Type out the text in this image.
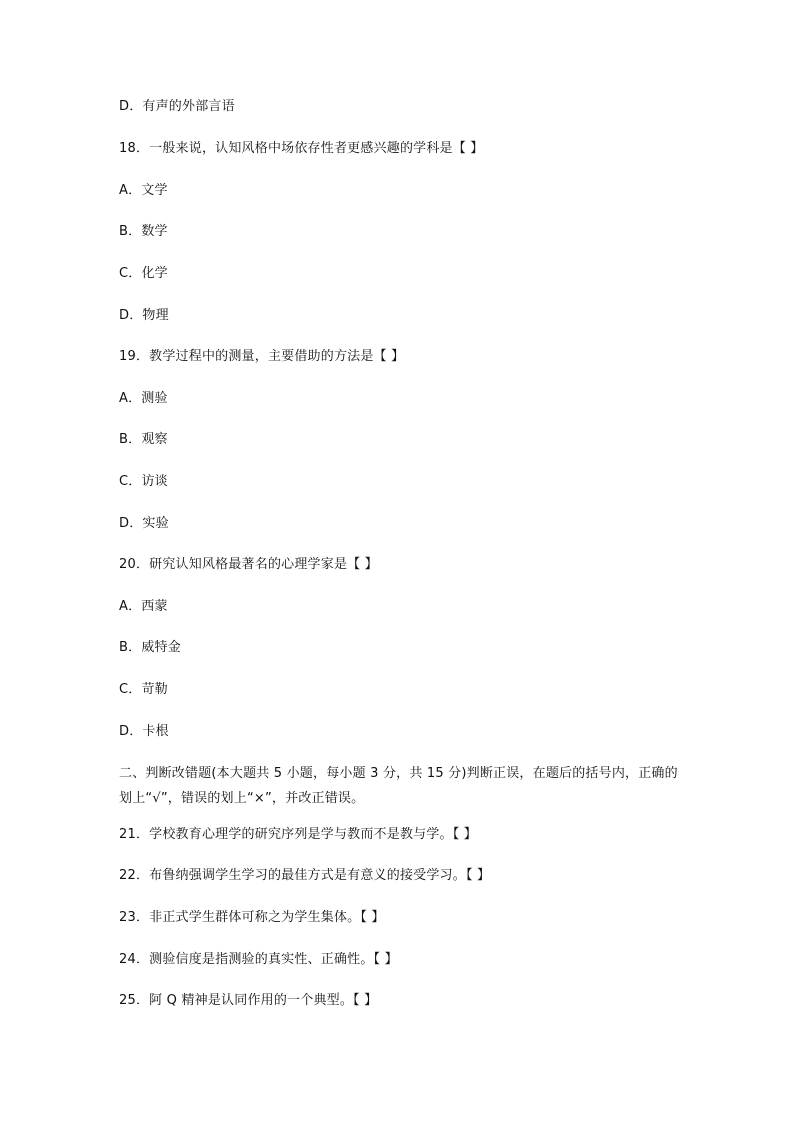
D．有声的外部言语
18．一般来说，认知风格中场依存性者更感兴趣的学科是【 】
A．文学
B．数学
C．化学
D．物理
19．教学过程中的测量，主要借助的方法是【 】
A．测验
B．观察
C．访谈
D．实验
20．研究认知风格最著名的心理学家是【 】
A．西蒙
B．威特金
C．苛勒
D．卡根
二、判断改错题(本大题共 5 小题，每小题 3 分，共 15 分)判断正误，在题后的括号内，正确的划上“√”，错误的划上“×”，并改正错误。
21．学校教育心理学的研究序列是学与教而不是教与学。【 】
22．布鲁纳强调学生学习的最佳方式是有意义的接受学习。【 】
23．非正式学生群体可称之为学生集体。【 】
24．测验信度是指测验的真实性、正确性。【 】
25．阿 Q 精神是认同作用的一个典型。【 】
